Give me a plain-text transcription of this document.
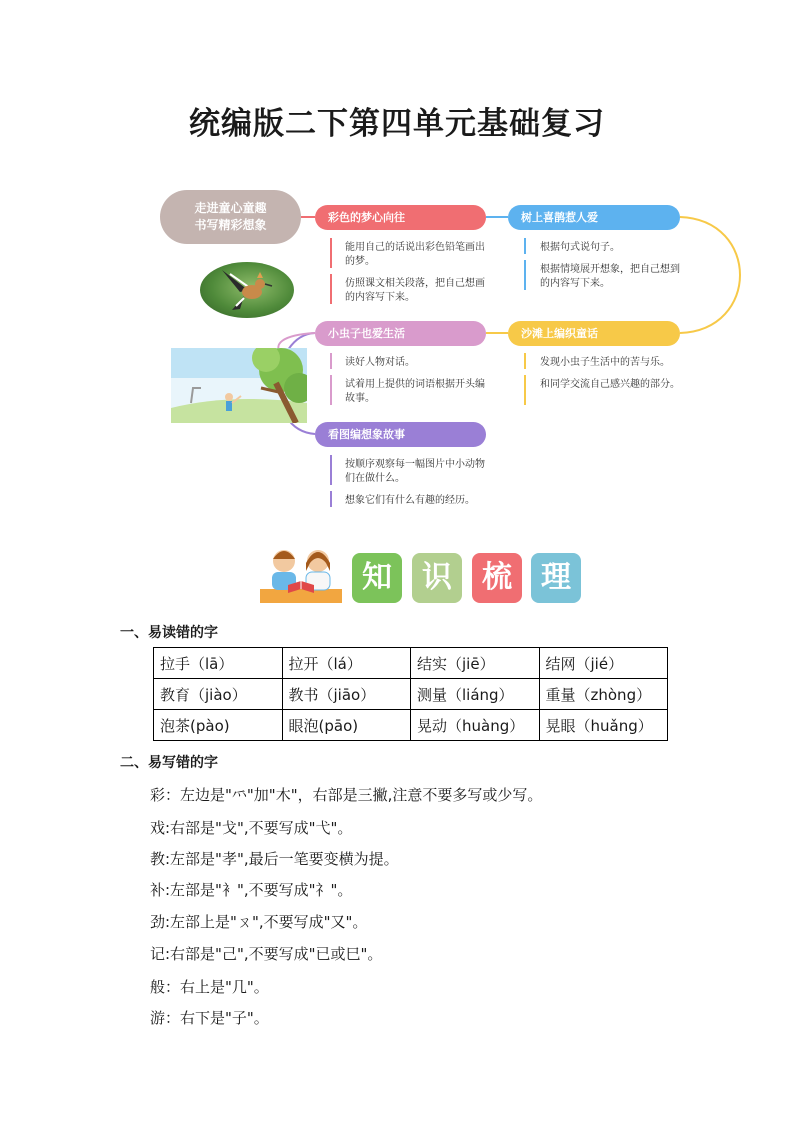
统编版二下第四单元基础复习
走进童心童趣
书写精彩想象
彩色的梦心向往
能用自己的话说出彩色铅笔画出的梦。
仿照课文相关段落，把自己想画的内容写下来。
树上喜鹊惹人爱
根据句式说句子。
根据情境展开想象，把自己想到的内容写下来。
小虫子也爱生活
读好人物对话。
试着用上提供的词语根据开头编故事。
沙滩上编织童话
发现小虫子生活中的苦与乐。
和同学交流自己感兴趣的部分。
看图编想象故事
按顺序观察每一幅图片中小动物们在做什么。
想象它们有什么有趣的经历。
知	识	梳 理
一、易读错的字
拉手（lā）	拉开（lá）	结实（jiē）	结网（jié）
教育（jiào）	教书（jiāo）	测量（liáng）	重量（zhòng）
泡茶(pào)	眼泡(pāo)	晃动（huàng）	晃眼（huǎng）
二、易写错的字
彩：左边是"⺤"加"木"，右部是三撇,注意不要多写或少写。
戏:右部是"戈",不要写成"弋"。
教:左部是"孝",最后一笔要变横为提。
补:左部是"衤",不要写成"礻"。
劲:左部上是"ㄡ",不要写成"又"。
记:右部是"己",不要写成"已或巳"。
般：右上是"几"。
游：右下是"子"。
